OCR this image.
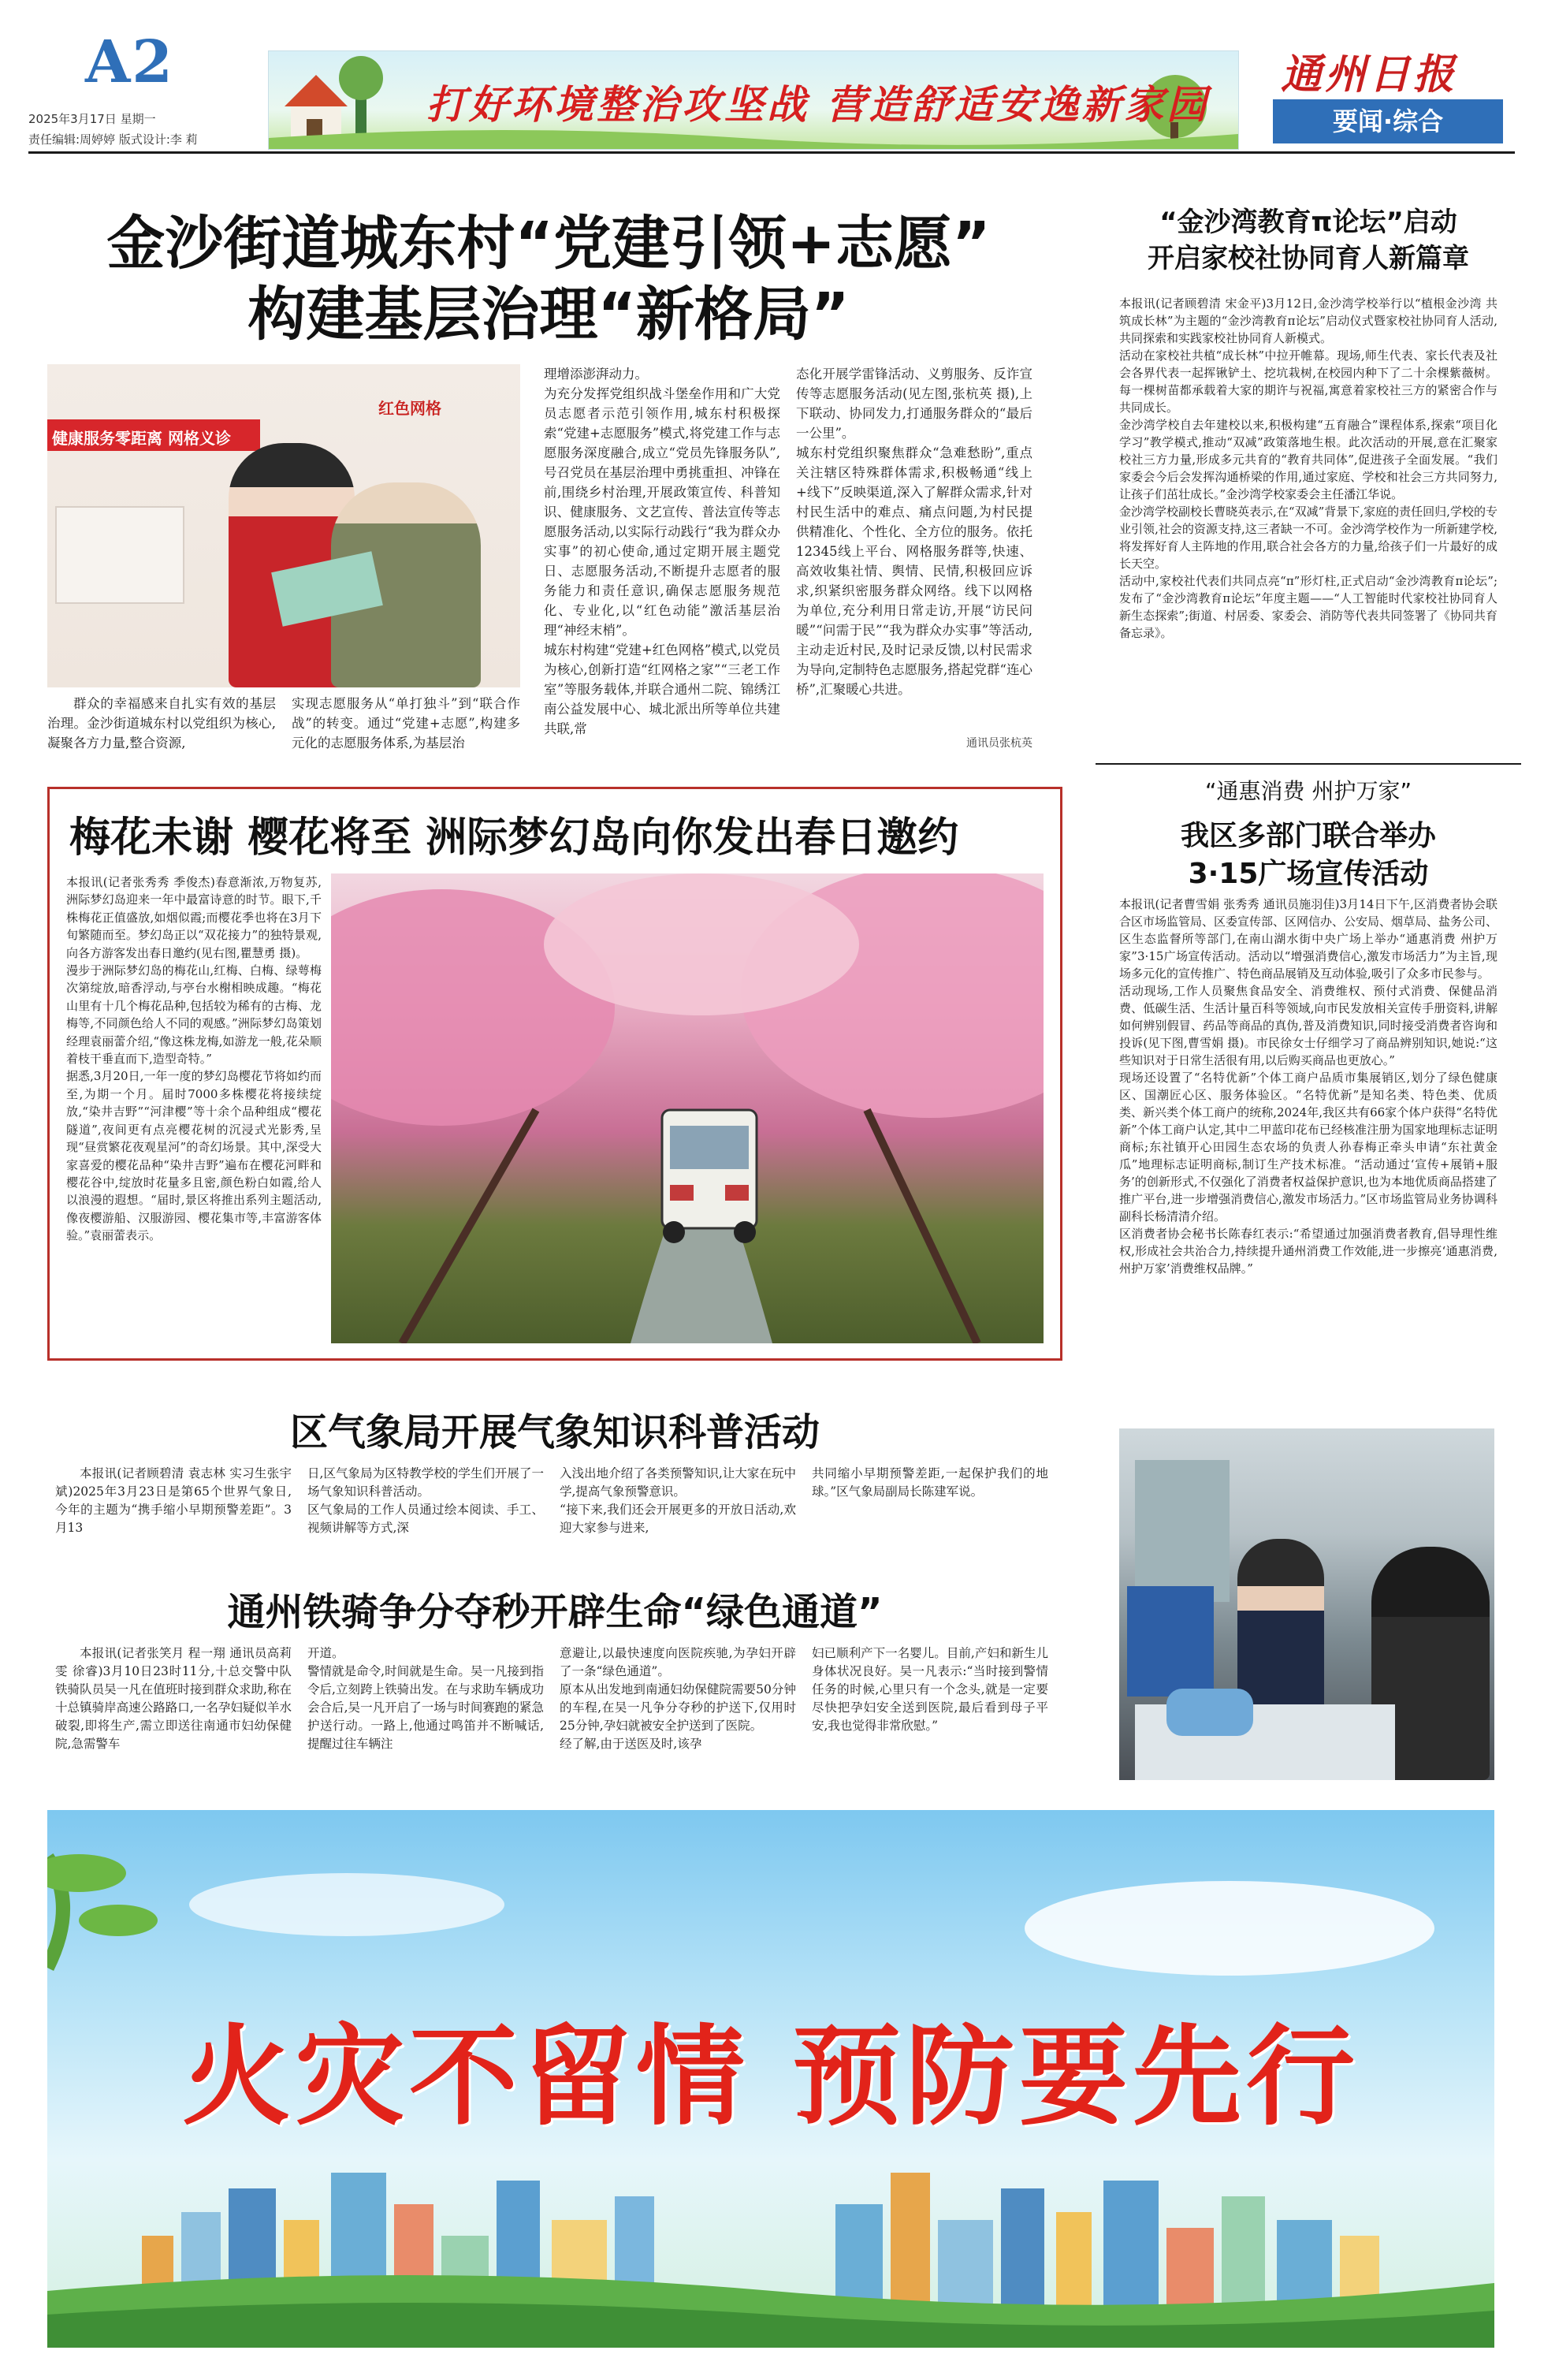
A2
2025年3月17日 星期一
责任编辑:周婷婷 版式设计:李 莉
打好环境整治攻坚战 营造舒适安逸新家园
通州日报
要闻·综合
金沙街道城东村“党建引领+志愿”
构建基层治理“新格局”
健康服务零距离 网格义诊
红色网格
群众的幸福感来自扎实有效的基层治理。金沙街道城东村以党组织为核心,凝聚各方力量,整合资源,
实现志愿服务从“单打独斗”到“联合作战”的转变。通过“党建+志愿”,构建多元化的志愿服务体系,为基层治
理增添澎湃动力。
为充分发挥党组织战斗堡垒作用和广大党员志愿者示范引领作用,城东村积极探索“党建+志愿服务”模式,将党建工作与志愿服务深度融合,成立“党员先锋服务队”,号召党员在基层治理中勇挑重担、冲锋在前,围绕乡村治理,开展政策宣传、科普知识、健康服务、文艺宣传、普法宣传等志愿服务活动,以实际行动践行“我为群众办实事”的初心使命,通过定期开展主题党日、志愿服务活动,不断提升志愿者的服务能力和责任意识,确保志愿服务规范化、专业化,以“红色动能”激活基层治理“神经末梢”。
城东村构建“党建+红色网格”模式,以党员为核心,创新打造“红网格之家”“三老工作室”等服务载体,并联合通州二院、锦绣江南公益发展中心、城北派出所等单位共建共联,常
态化开展学雷锋活动、义剪服务、反诈宣传等志愿服务活动(见左图,张杭英 摄),上下联动、协同发力,打通服务群众的“最后一公里”。
城东村党组织聚焦群众“急难愁盼”,重点关注辖区特殊群体需求,积极畅通“线上+线下”反映渠道,深入了解群众需求,针对村民生活中的难点、痛点问题,为村民提供精准化、个性化、全方位的服务。依托12345线上平台、网格服务群等,快速、高效收集社情、舆情、民情,积极回应诉求,织紧织密服务群众网络。线下以网格为单位,充分利用日常走访,开展“访民问暖”“问需于民”“我为群众办实事”等活动,主动走近村民,及时记录反馈,以村民需求为导向,定制特色志愿服务,搭起党群“连心桥”,汇聚暖心共进。
通讯员张杭英
“金沙湾教育π论坛”启动
开启家校社协同育人新篇章
本报讯(记者顾碧清 宋金平)3月12日,金沙湾学校举行以“植根金沙湾 共筑成长林”为主题的“金沙湾教育π论坛”启动仪式暨家校社协同育人活动,共同探索和实践家校社协同育人新模式。
活动在家校社共植“成长林”中拉开帷幕。现场,师生代表、家长代表及社会各界代表一起挥锹铲土、挖坑栽树,在校园内种下了二十余棵紫薇树。每一棵树苗都承载着大家的期许与祝福,寓意着家校社三方的紧密合作与共同成长。
金沙湾学校自去年建校以来,积极构建“五育融合”课程体系,探索“项目化学习”教学模式,推动“双减”政策落地生根。此次活动的开展,意在汇聚家校社三方力量,形成多元共育的“教育共同体”,促进孩子全面发展。“我们家委会今后会发挥沟通桥梁的作用,通过家庭、学校和社会三方共同努力,让孩子们茁壮成长。”金沙湾学校家委会主任潘江华说。
金沙湾学校副校长曹晓英表示,在“双减”背景下,家庭的责任回归,学校的专业引领,社会的资源支持,这三者缺一不可。金沙湾学校作为一所新建学校,将发挥好育人主阵地的作用,联合社会各方的力量,给孩子们一片最好的成长天空。
活动中,家校社代表们共同点亮“π”形灯柱,正式启动“金沙湾教育π论坛”;发布了“金沙湾教育π论坛”年度主题——“人工智能时代家校社协同育人新生态探索”;街道、村居委、家委会、消防等代表共同签署了《协同共育备忘录》。
梅花未谢 樱花将至 洲际梦幻岛向你发出春日邀约
本报讯(记者张秀秀 季俊杰)春意渐浓,万物复苏,洲际梦幻岛迎来一年中最富诗意的时节。眼下,千株梅花正值盛放,如烟似霞;而樱花季也将在3月下旬繁随而至。梦幻岛正以“双花接力”的独特景观,向各方游客发出春日邀约(见右图,瞿慧勇 摄)。
漫步于洲际梦幻岛的梅花山,红梅、白梅、绿萼梅次第绽放,暗香浮动,与亭台水榭相映成趣。“梅花山里有十几个梅花品种,包括较为稀有的古梅、龙梅等,不同颜色给人不同的观感。”洲际梦幻岛策划经理袁丽蕾介绍,“像这株龙梅,如游龙一般,花朵顺着枝干垂直而下,造型奇特。”
据悉,3月20日,一年一度的梦幻岛樱花节将如约而至,为期一个月。届时7000多株樱花将接续绽放,“染井吉野”“河津樱”等十余个品种组成“樱花隧道”,夜间更有点亮樱花树的沉浸式光影秀,呈现“昼赏繁花夜观星河”的奇幻场景。其中,深受大家喜爱的樱花品种“染井吉野”遍布在樱花河畔和樱花谷中,绽放时花量多且密,颜色粉白如霞,给人以浪漫的遐想。“届时,景区将推出系列主题活动,像夜樱游船、汉服游园、樱花集市等,丰富游客体验。”袁丽蕾表示。
“通惠消费 州护万家”
我区多部门联合举办
3·15广场宣传活动
本报讯(记者曹雪娟 张秀秀 通讯员施羽佳)3月14日下午,区消费者协会联合区市场监管局、区委宣传部、区网信办、公安局、烟草局、盐务公司、区生态监督所等部门,在南山湖水街中央广场上举办“通惠消费 州护万家”3·15广场宣传活动。活动以“增强消费信心,激发市场活力”为主旨,现场多元化的宣传推广、特色商品展销及互动体验,吸引了众多市民参与。
活动现场,工作人员聚焦食品安全、消费维权、预付式消费、保健品消费、低碳生活、生活计量百科等领域,向市民发放相关宣传手册资料,讲解如何辨别假冒、药品等商品的真伪,普及消费知识,同时接受消费者咨询和投诉(见下图,曹雪娟 摄)。市民徐女士仔细学习了商品辨别知识,她说:“这些知识对于日常生活很有用,以后购买商品也更放心。”
现场还设置了“名特优新”个体工商户品质市集展销区,划分了绿色健康区、国潮匠心区、服务体验区。“名特优新”是知名类、特色类、优质类、新兴类个体工商户的统称,2024年,我区共有66家个体户获得“名特优新”个体工商户认定,其中二甲蓝印花布已经核准注册为国家地理标志证明商标;东社镇开心田园生态农场的负责人孙春梅正牵头申请“东社黄金瓜”地理标志证明商标,制订生产技术标准。“活动通过‘宣传+展销+服务’的创新形式,不仅强化了消费者权益保护意识,也为本地优质商品搭建了推广平台,进一步增强消费信心,激发市场活力。”区市场监管局业务协调科副科长杨清清介绍。
区消费者协会秘书长陈春红表示:“希望通过加强消费者教育,倡导理性维权,形成社会共治合力,持续提升通州消费工作效能,进一步擦亮‘通惠消费,州护万家’消费维权品牌。”
区气象局开展气象知识科普活动
本报讯(记者顾碧清 袁志林 实习生张宇斌)2025年3月23日是第65个世界气象日,今年的主题为“携手缩小早期预警差距”。3月13
日,区气象局为区特教学校的学生们开展了一场气象知识科普活动。
区气象局的工作人员通过绘本阅读、手工、视频讲解等方式,深
入浅出地介绍了各类预警知识,让大家在玩中学,提高气象预警意识。
“接下来,我们还会开展更多的开放日活动,欢迎大家参与进来,
共同缩小早期预警差距,一起保护我们的地球。”区气象局副局长陈建军说。
通州铁骑争分夺秒开辟生命“绿色通道”
本报讯(记者张笑月 程一翔 通讯员高莉雯 徐睿)3月10日23时11分,十总交警中队铁骑队员吴一凡在值班时接到群众求助,称在十总镇骑岸高速公路路口,一名孕妇疑似羊水破裂,即将生产,需立即送往南通市妇幼保健院,急需警车
开道。
警情就是命令,时间就是生命。吴一凡接到指令后,立刻跨上铁骑出发。在与求助车辆成功会合后,吴一凡开启了一场与时间赛跑的紧急护送行动。一路上,他通过鸣笛并不断喊话,提醒过往车辆注
意避让,以最快速度向医院疾驰,为孕妇开辟了一条“绿色通道”。
原本从出发地到南通妇幼保健院需要50分钟的车程,在吴一凡争分夺秒的护送下,仅用时25分钟,孕妇就被安全护送到了医院。
经了解,由于送医及时,该孕
妇已顺利产下一名婴儿。目前,产妇和新生儿身体状况良好。吴一凡表示:“当时接到警情任务的时候,心里只有一个念头,就是一定要尽快把孕妇安全送到医院,最后看到母子平安,我也觉得非常欣慰。”
火灾不留情 预防要先行
